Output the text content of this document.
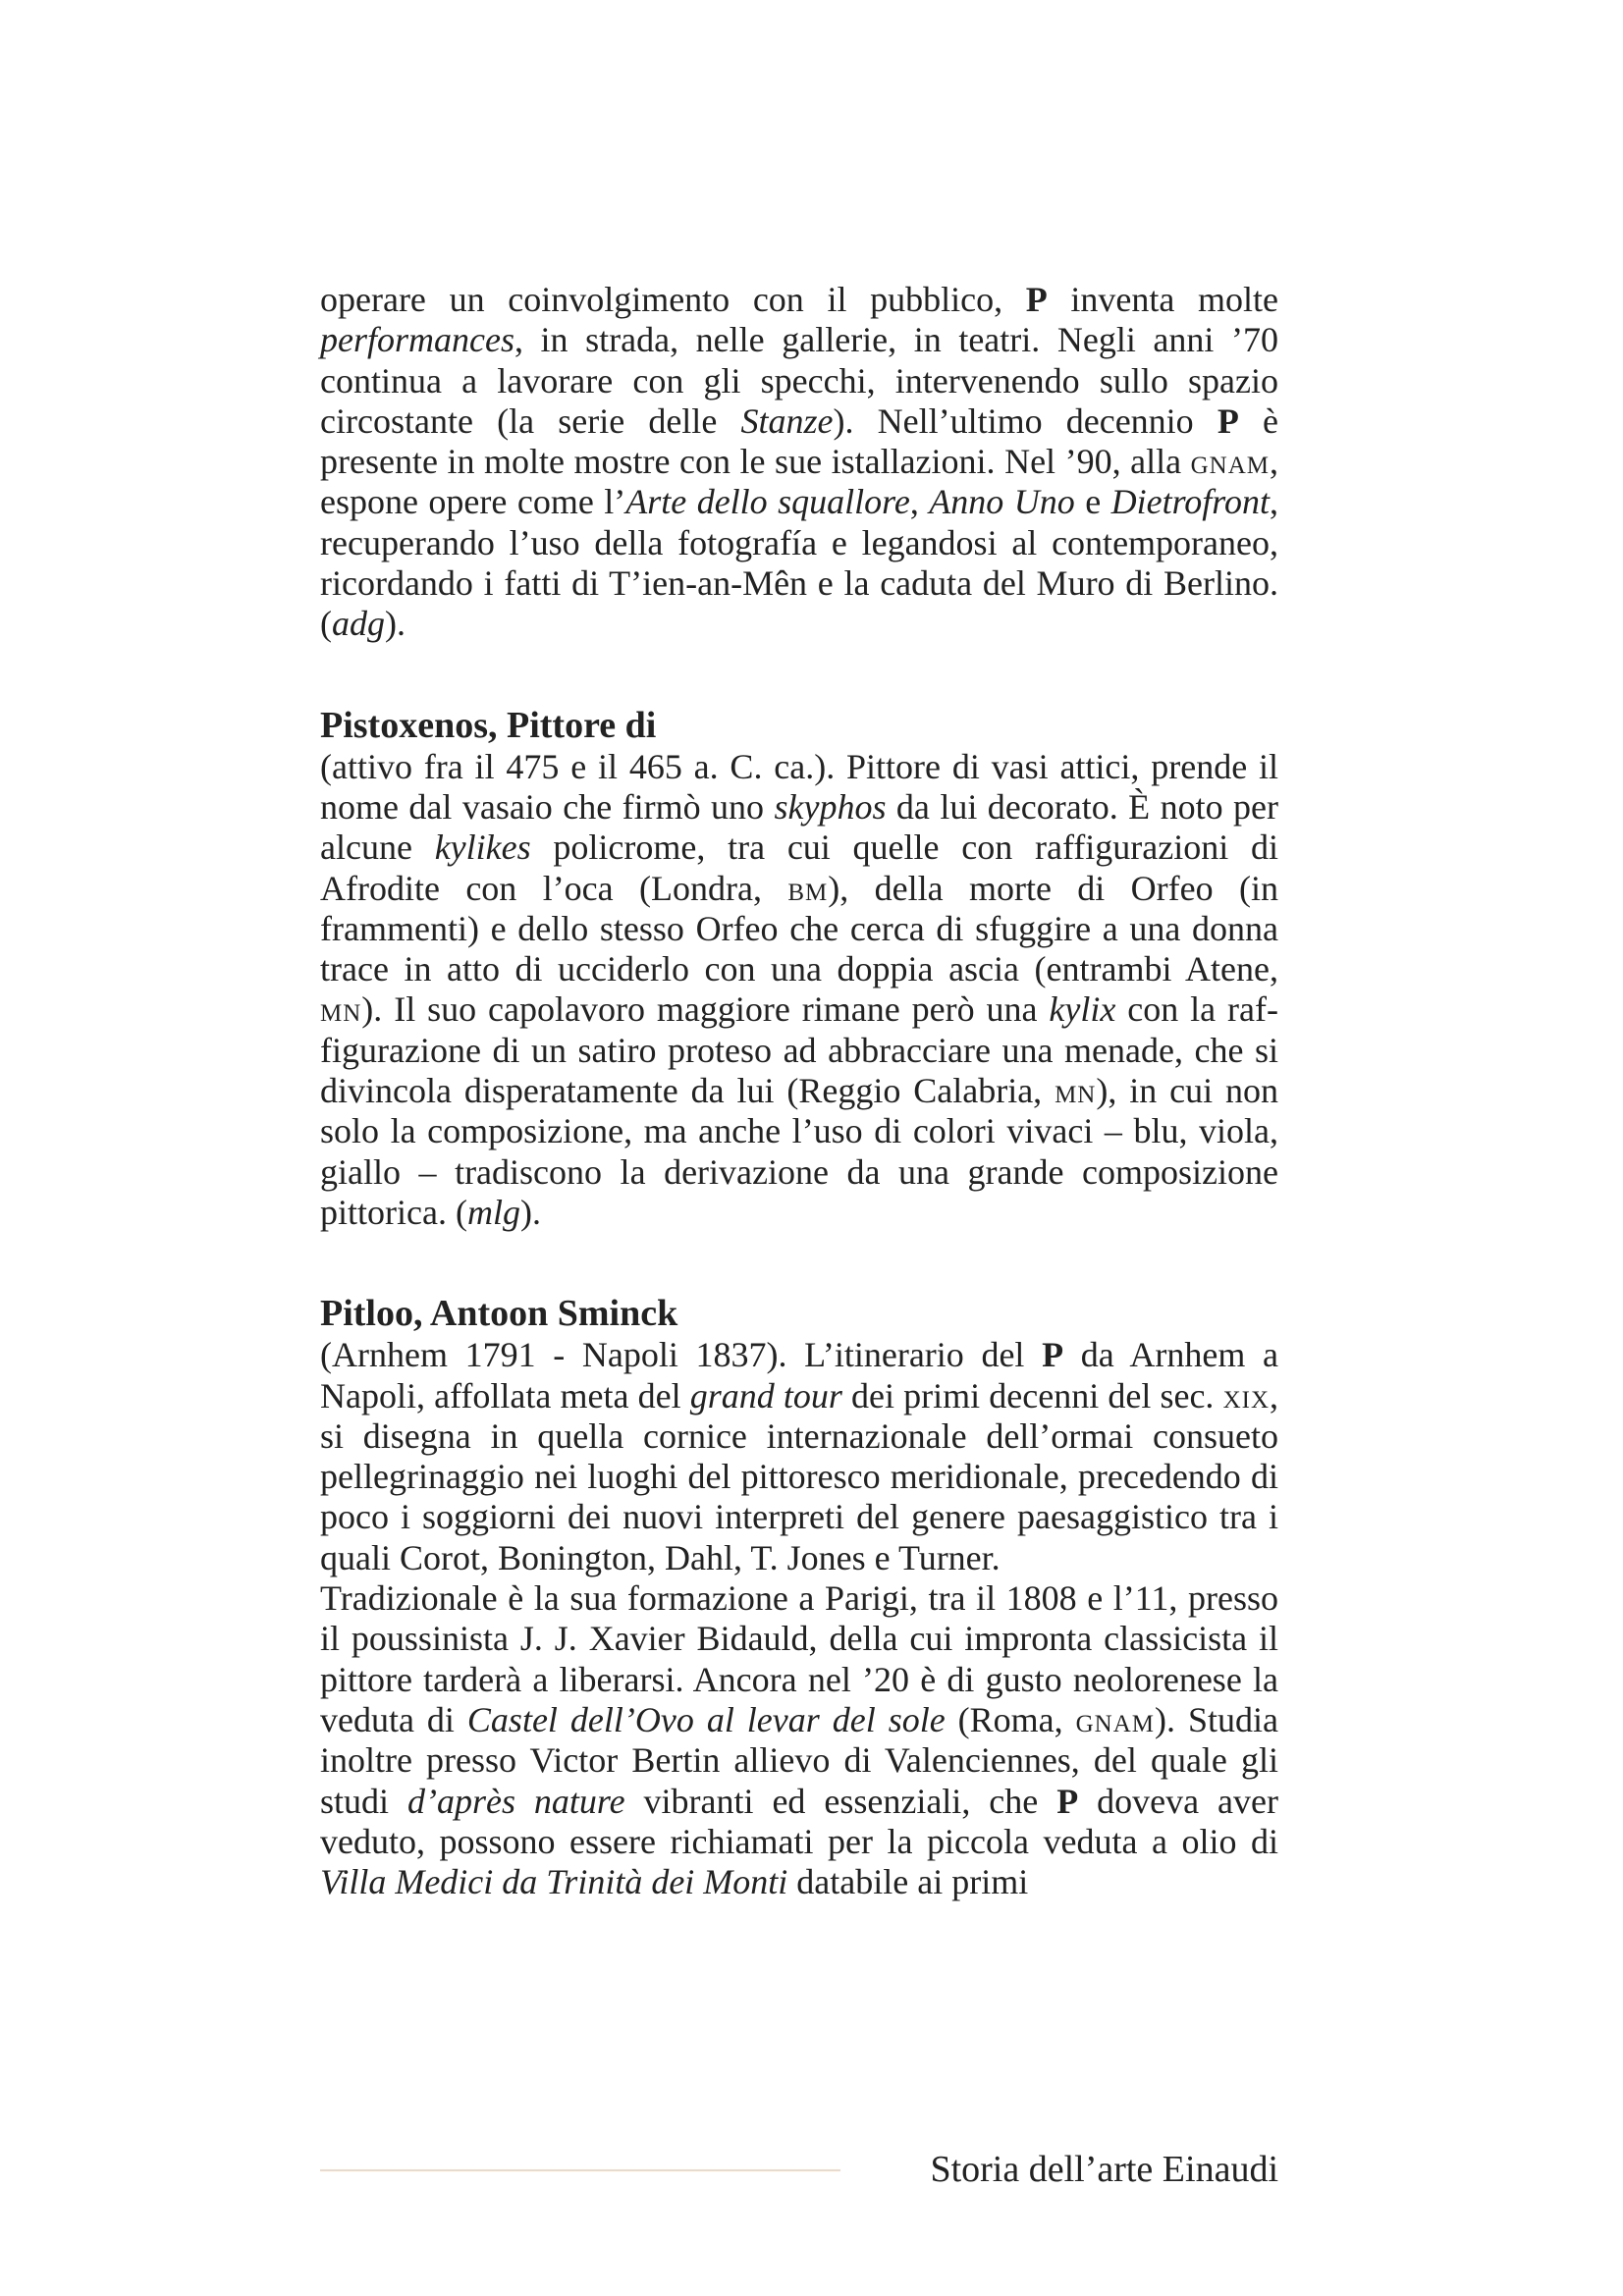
operare un coinvolgimento con il pubblico, P inventa molte performances, in strada, nelle gallerie, in teatri. Negli anni ’70 continua a lavorare con gli specchi, intervenendo sullo spazio circostante (la serie delle Stanze). Nell’ultimo decennio P è presente in molte mostre con le sue istallazioni. Nel ’90, alla gnam, espone opere come l’Arte dello squallore, Anno Uno e Dietrofront, recuperando l’uso della fotografía e legandosi al contemporaneo, ricordando i fatti di T’ien-an-Mên e la caduta del Muro di Berlino. (adg).

Pistoxenos, Pittore di

(attivo fra il 475 e il 465 a. C. ca.). Pittore di vasi attici, prende il nome dal vasaio che firmò uno skyphos da lui decorato. È noto per alcune kylikes policrome, tra cui quelle con raffigurazioni di Afrodite con l’oca (Londra, bm), della morte di Orfeo (in frammenti) e dello stesso Orfeo che cerca di sfuggire a una donna trace in atto di ucciderlo con una doppia ascia (entrambi Atene, mn). Il suo capolavoro maggiore rimane però una kylix con la raffigurazione di un satiro proteso ad abbracciare una menade, che si divincola disperatamente da lui (Reggio Calabria, mn), in cui non solo la composizione, ma anche l’uso di colori vivaci – blu, viola, giallo – tradiscono la derivazione da una grande composizione pittorica. (mlg).

Pitloo, Antoon Sminck

(Arnhem 1791 - Napoli 1837). L’itinerario del P da Arnhem a Napoli, affollata meta del grand tour dei primi decenni del sec. xix, si disegna in quella cornice internazionale dell’ormai consueto pellegrinaggio nei luoghi del pittoresco meridionale, precedendo di poco i soggiorni dei nuovi interpreti del genere paesaggistico tra i quali Corot, Bonington, Dahl, T. Jones e Turner.

Tradizionale è la sua formazione a Parigi, tra il 1808 e l’11, presso il poussinista J. J. Xavier Bidauld, della cui impronta classicista il pittore tarderà a liberarsi. Ancora nel ’20 è di gusto neolorenese la veduta di Castel dell’Ovo al levar del sole (Roma, gnam). Studia inoltre presso Victor Bertin allievo di Valenciennes, del quale gli studi d’après nature vibranti ed essenziali, che P doveva aver veduto, possono essere richiamati per la piccola veduta a olio di Villa Medici da Trinità dei Monti databile ai primi

Storia dell’arte Einaudi
